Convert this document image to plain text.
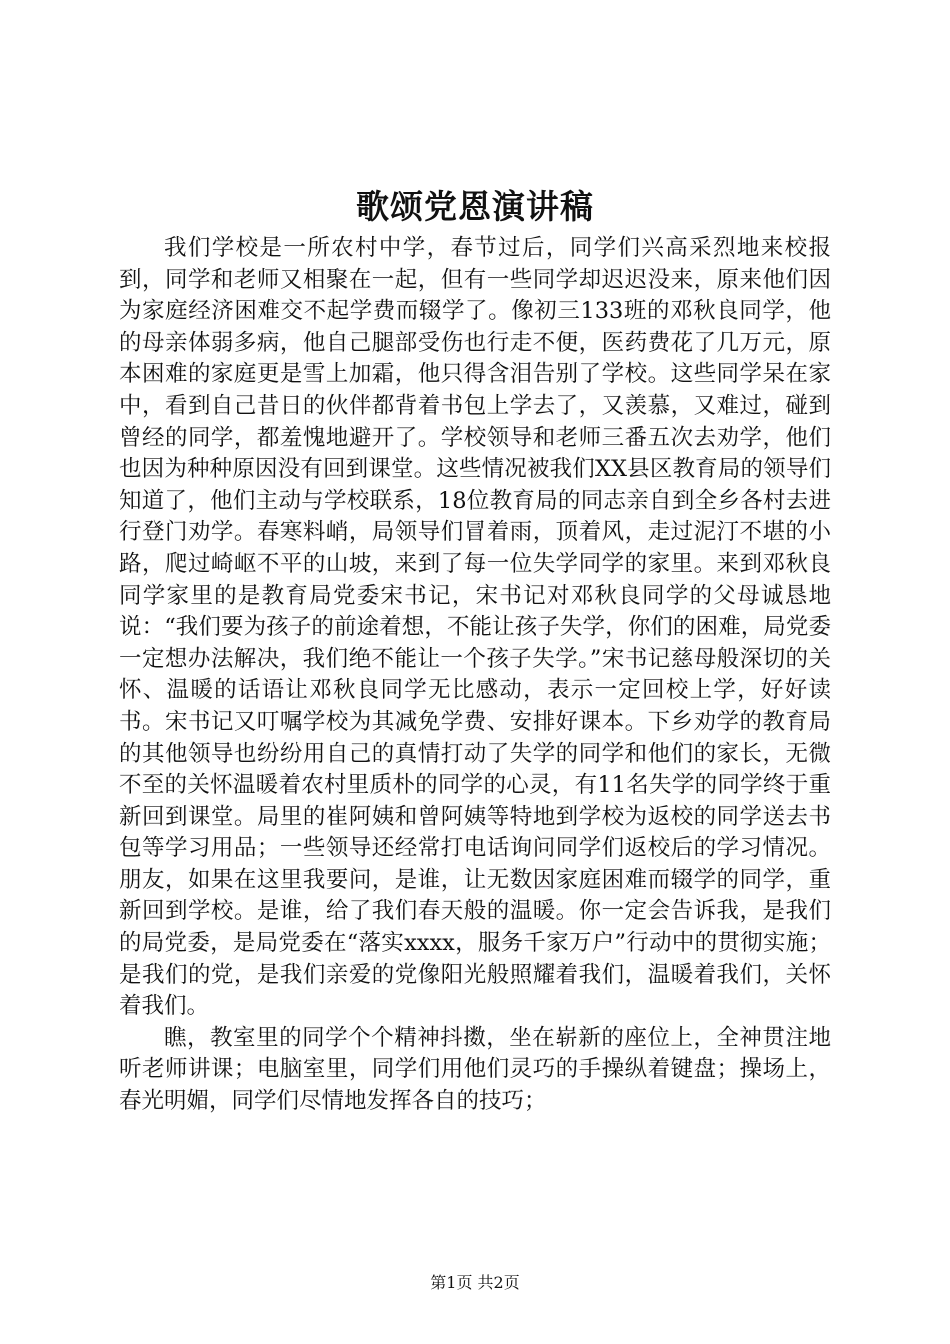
歌颂党恩演讲稿

我们学校是一所农村中学，春节过后，同学们兴高采烈地来校报到，同学和老师又相聚在一起，但有一些同学却迟迟没来，原来他们因为家庭经济困难交不起学费而辍学了。像初三133班的邓秋良同学，他的母亲体弱多病，他自己腿部受伤也行走不便，医药费花了几万元，原本困难的家庭更是雪上加霜，他只得含泪告别了学校。这些同学呆在家中，看到自己昔日的伙伴都背着书包上学去了，又羡慕，又难过，碰到曾经的同学，都羞愧地避开了。学校领导和老师三番五次去劝学，他们也因为种种原因没有回到课堂。这些情况被我们XX县区教育局的领导们知道了，他们主动与学校联系，18位教育局的同志亲自到全乡各村去进行登门劝学。春寒料峭，局领导们冒着雨，顶着风，走过泥汀不堪的小路，爬过崎岖不平的山坡，来到了每一位失学同学的家里。来到邓秋良同学家里的是教育局党委宋书记，宋书记对邓秋良同学的父母诚恳地说：“我们要为孩子的前途着想，不能让孩子失学，你们的困难，局党委一定想办法解决，我们绝不能让一个孩子失学。”宋书记慈母般深切的关怀、温暖的话语让邓秋良同学无比感动，表示一定回校上学，好好读书。宋书记又叮嘱学校为其减免学费、安排好课本。下乡劝学的教育局的其他领导也纷纷用自己的真情打动了失学的同学和他们的家长，无微不至的关怀温暖着农村里质朴的同学的心灵，有11名失学的同学终于重新回到课堂。局里的崔阿姨和曾阿姨等特地到学校为返校的同学送去书包等学习用品；一些领导还经常打电话询问同学们返校后的学习情况。朋友，如果在这里我要问，是谁，让无数因家庭困难而辍学的同学，重新回到学校。是谁，给了我们春天般的温暖。你一定会告诉我，是我们的局党委，是局党委在“落实xxxx，服务千家万户”行动中的贯彻实施；是我们的党，是我们亲爱的党像阳光般照耀着我们，温暖着我们，关怀着我们。

瞧，教室里的同学个个精神抖擞，坐在崭新的座位上，全神贯注地听老师讲课；电脑室里，同学们用他们灵巧的手操纵着键盘；操场上，春光明媚，同学们尽情地发挥各自的技巧；

第1页 共2页
